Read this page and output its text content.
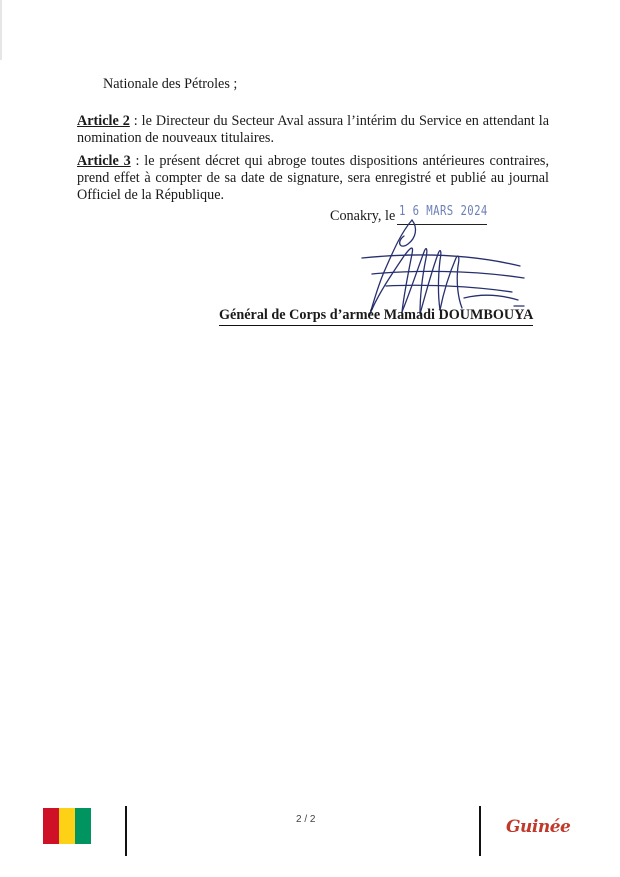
Nationale des Pétroles ;
Article 2 : le Directeur du Secteur Aval assura l’intérim du Service en attendant la nomination de nouveaux titulaires.
Article 3 : le présent décret qui abroge toutes dispositions antérieures contraires, prend effet à compter de sa date de signature, sera enregistré et publié au journal Officiel de la République.
Conakry, le 1 6 MARS 2024
Général de Corps d’armée Mamadi DOUMBOUYA
2 / 2	Guinée
